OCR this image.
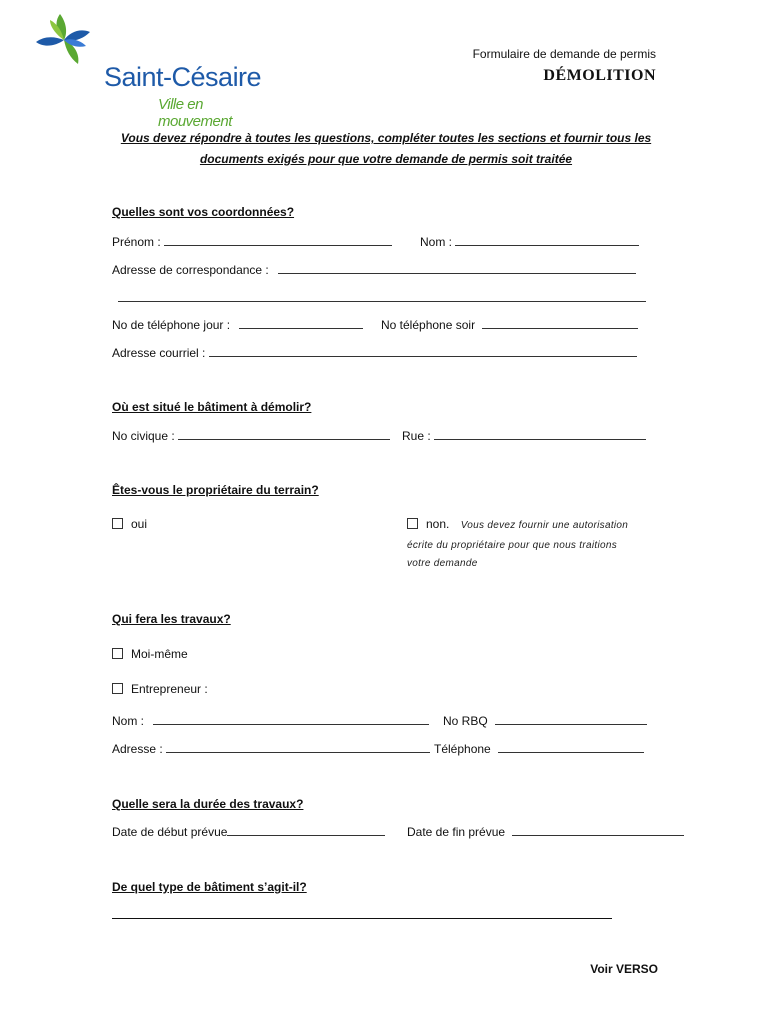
Saint-Césaire
Ville en mouvement
Formulaire de demande de permis
DÉMOLITION
Vous devez répondre à toutes les questions, compléter toutes les sections et fournir tous les documents exigés pour que votre demande de permis soit traitée
Quelles sont vos coordonnées?
Prénom :	Nom :
Adresse de correspondance :
No de téléphone jour :	No téléphone soir
Adresse courriel :
Où est situé le bâtiment à démolir?
No civique :	Rue :
Êtes-vous le propriétaire du terrain?
oui	non. Vous devez fournir une autorisation
écrite du propriétaire pour que nous traitions
votre demande
Qui fera les travaux?
Moi-même
Entrepreneur :
Nom :	No RBQ
Adresse :	Téléphone
Quelle sera la durée des travaux?
Date de début prévue	Date de fin prévue
De quel type de bâtiment s’agit-il?
Voir VERSO
